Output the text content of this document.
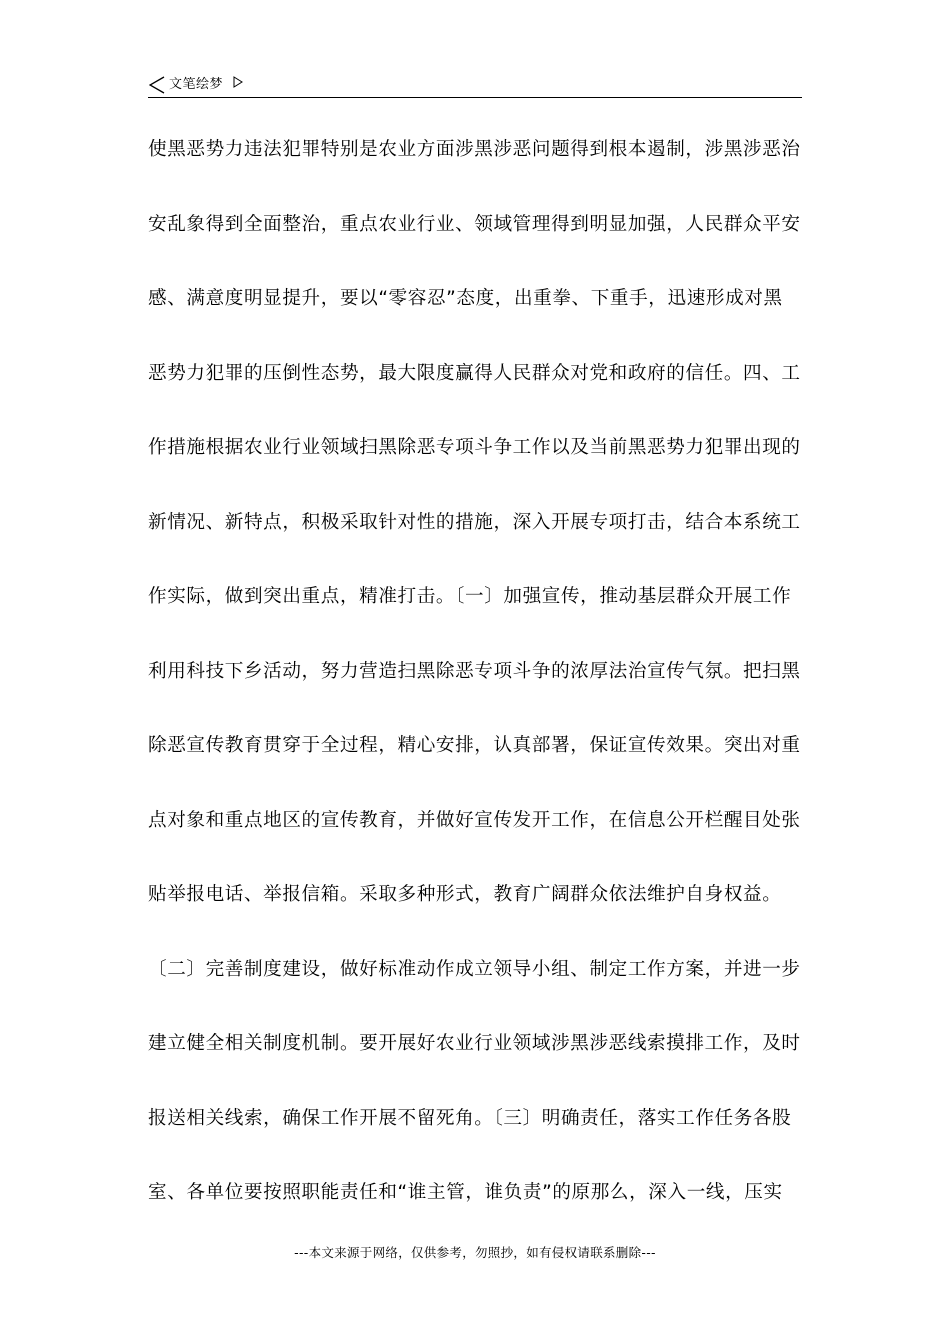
文笔绘梦
使黑恶势力违法犯罪特别是农业方面涉黑涉恶问题得到根本遏制，涉黑涉恶治
安乱象得到全面整治，重点农业行业、领域管理得到明显加强，人民群众平安
感、满意度明显提升，要以“零容忍”态度，出重拳、下重手，迅速形成对黑
恶势力犯罪的压倒性态势，最大限度赢得人民群众对党和政府的信任。四、工
作措施根据农业行业领域扫黑除恶专项斗争工作以及当前黑恶势力犯罪出现的
新情况、新特点，积极采取针对性的措施，深入开展专项打击，结合本系统工
作实际，做到突出重点，精准打击。〔一〕加强宣传，推动基层群众开展工作
利用科技下乡活动，努力营造扫黑除恶专项斗争的浓厚法治宣传气氛。把扫黑
除恶宣传教育贯穿于全过程，精心安排，认真部署，保证宣传效果。突出对重
点对象和重点地区的宣传教育，并做好宣传发开工作，在信息公开栏醒目处张
贴举报电话、举报信箱。采取多种形式，教育广阔群众依法维护自身权益。
〔二〕完善制度建设，做好标准动作成立领导小组、制定工作方案，并进一步
建立健全相关制度机制。要开展好农业行业领域涉黑涉恶线索摸排工作，及时
报送相关线索，确保工作开展不留死角。〔三〕明确责任，落实工作任务各股
室、各单位要按照职能责任和“谁主管，谁负责”的原那么，深入一线，压实
---本文来源于网络，仅供参考，勿照抄，如有侵权请联系删除---
